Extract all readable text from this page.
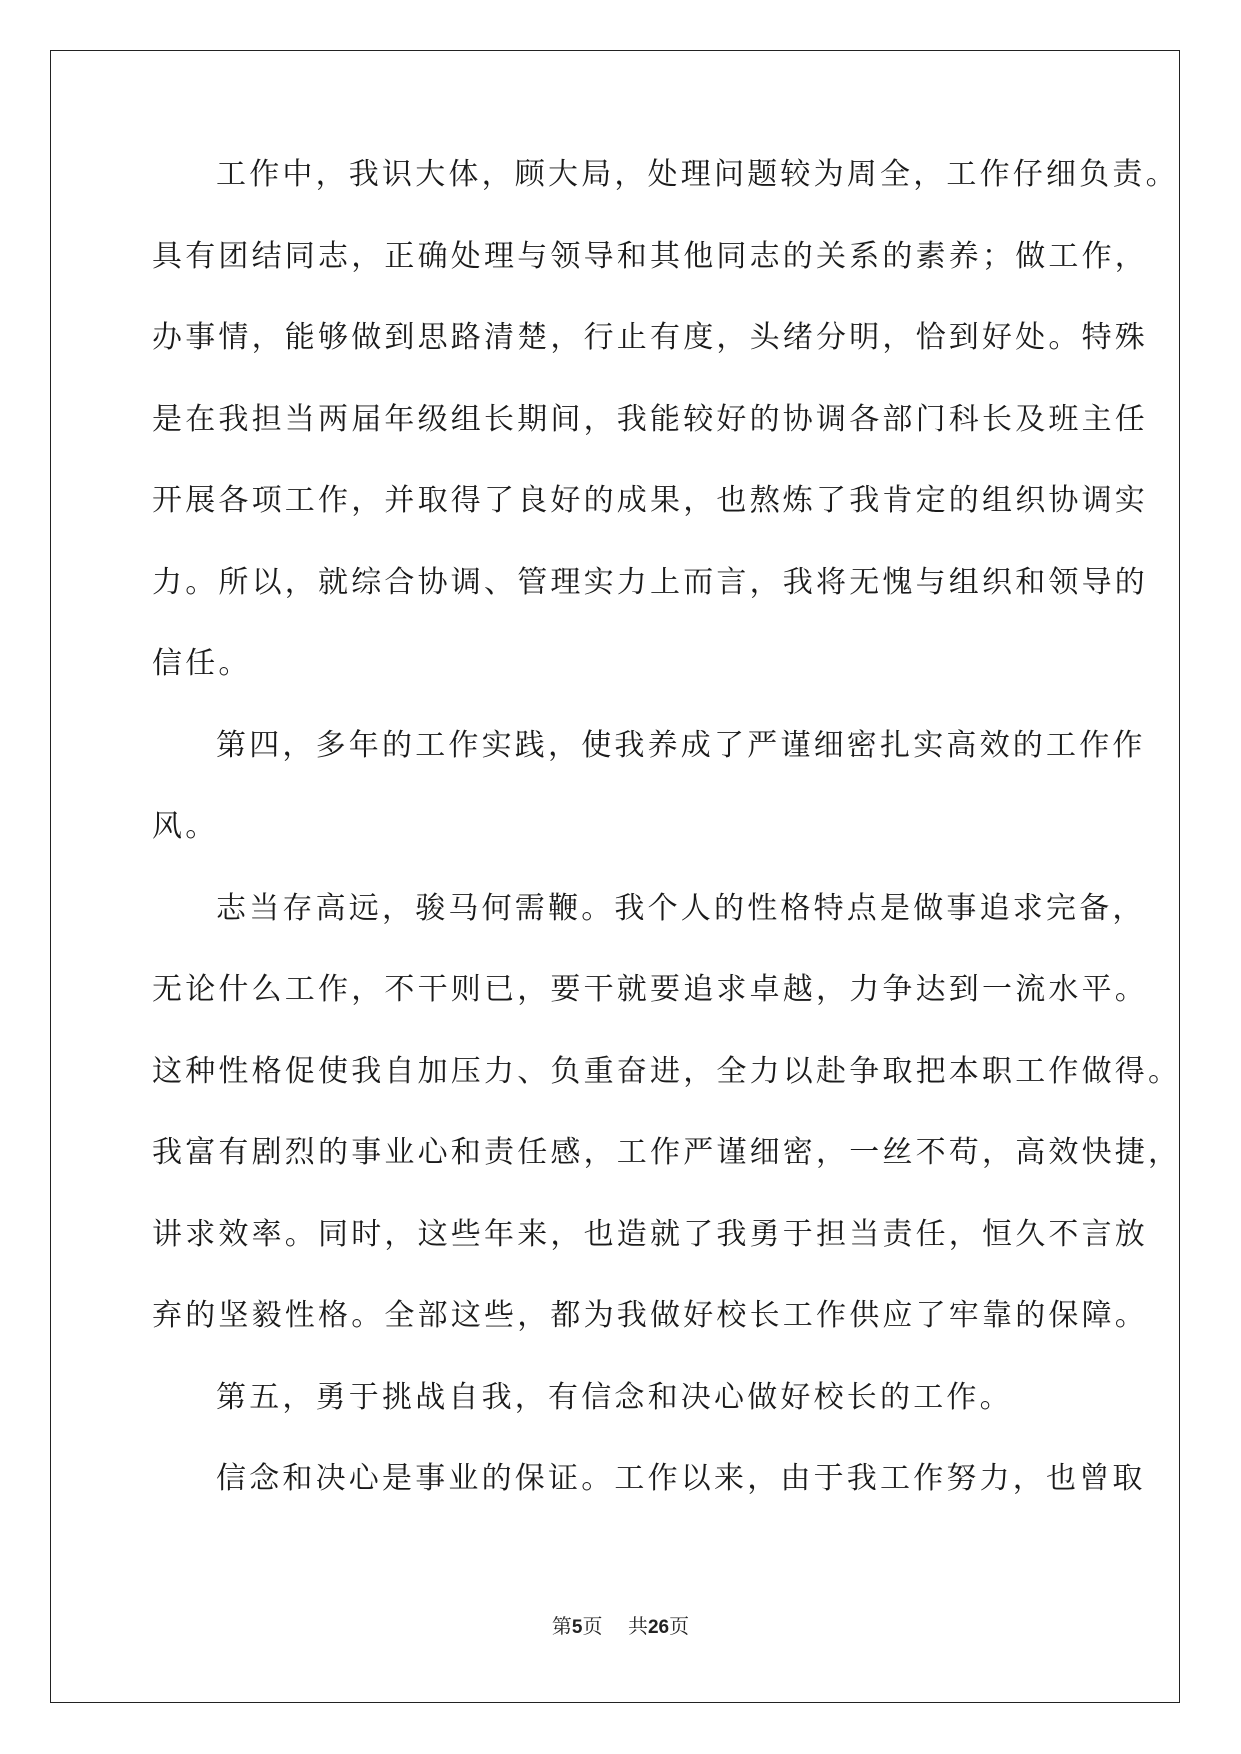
工作中，我识大体，顾大局，处理问题较为周全，工作仔细负责。
具有团结同志，正确处理与领导和其他同志的关系的素养；做工作，
办事情，能够做到思路清楚，行止有度，头绪分明，恰到好处。特殊
是在我担当两届年级组长期间，我能较好的协调各部门科长及班主任
开展各项工作，并取得了良好的成果，也熬炼了我肯定的组织协调实
力。所以，就综合协调、管理实力上而言，我将无愧与组织和领导的
信任。
第四，多年的工作实践，使我养成了严谨细密扎实高效的工作作
风。
志当存高远，骏马何需鞭。我个人的性格特点是做事追求完备，
无论什么工作，不干则已，要干就要追求卓越，力争达到一流水平。
这种性格促使我自加压力、负重奋进，全力以赴争取把本职工作做得。
我富有剧烈的事业心和责任感，工作严谨细密，一丝不苟，高效快捷，
讲求效率。同时，这些年来，也造就了我勇于担当责任，恒久不言放
弃的坚毅性格。全部这些，都为我做好校长工作供应了牢靠的保障。
第五，勇于挑战自我，有信念和决心做好校长的工作。
信念和决心是事业的保证。工作以来，由于我工作努力，也曾取
第5页 共26页
